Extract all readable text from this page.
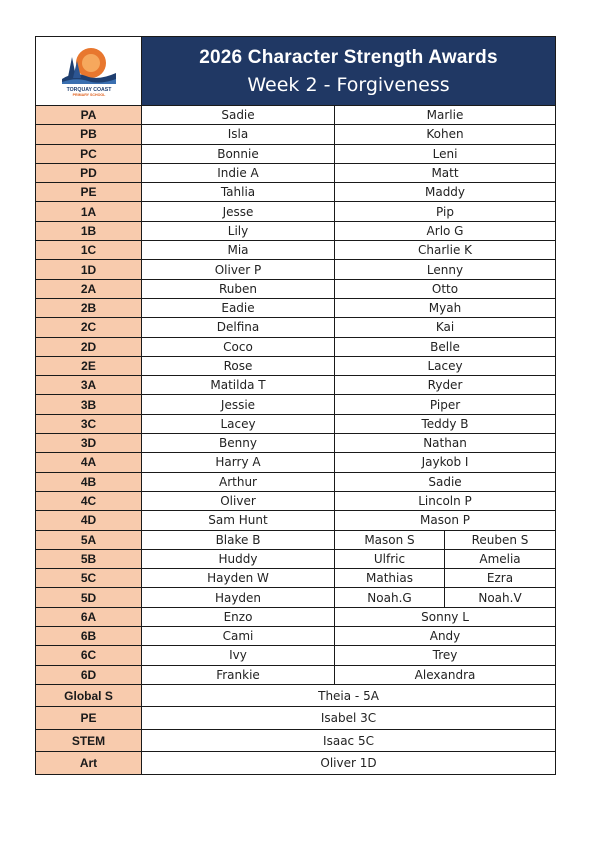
TORQUAY COAST
PRIMARY SCHOOL	2026 Character Strength Awards
Week 2 - Forgiveness		

PA	Sadie	Marlie	
PB	Isla	Kohen	
PC	Bonnie	Leni	
PD	Indie A	Matt	
PE	Tahlia	Maddy	
1A	Jesse	Pip	
1B	Lily	Arlo G	
1C	Mia	Charlie K	
1D	Oliver P	Lenny	
2A	Ruben	Otto	
2B	Eadie	Myah	
2C	Delfina	Kai	
2D	Coco	Belle	
2E	Rose	Lacey	
3A	Matilda T	Ryder	
3B	Jessie	Piper	
3C	Lacey	Teddy B	
3D	Benny	Nathan	
4A	Harry A	Jaykob I	
4B	Arthur	Sadie	
4C	Oliver	Lincoln P	
4D	Sam Hunt	Mason P	
5A	Blake B	Mason S	Reuben S
5B	Huddy	Ulfric	Amelia
5C	Hayden W	Mathias	Ezra
5D	Hayden	Noah.G	Noah.V
6A	Enzo	Sonny L	
6B	Cami	Andy	
6C	Ivy	Trey	
6D	Frankie	Alexandra	
Global S	Theia - 5A		
PE	Isabel 3C		
STEM	Isaac 5C		
Art	Oliver 1D		
